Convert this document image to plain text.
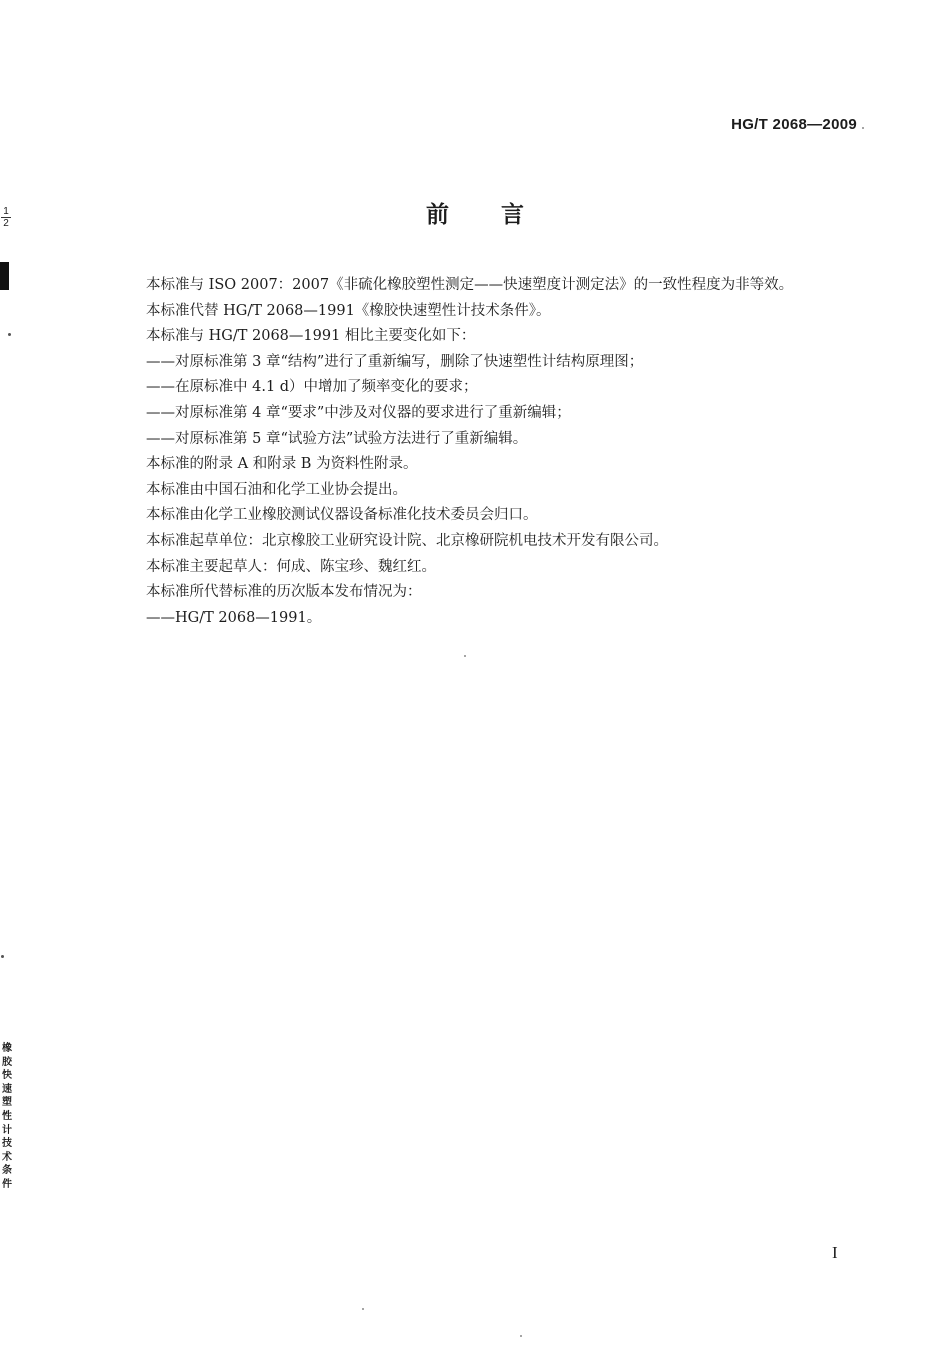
HG/T 2068—2009
前 言
本标准与 ISO 2007：2007《非硫化橡胶塑性测定——快速塑度计测定法》的一致性程度为非等效。
本标准代替 HG/T 2068—1991《橡胶快速塑性计技术条件》。
本标准与 HG/T 2068—1991 相比主要变化如下：
——对原标准第 3 章“结构”进行了重新编写，删除了快速塑性计结构原理图；
——在原标准中 4.1 d）中增加了频率变化的要求；
——对原标准第 4 章“要求”中涉及对仪器的要求进行了重新编辑；
——对原标准第 5 章“试验方法”试验方法进行了重新编辑。
本标准的附录 A 和附录 B 为资料性附录。
本标准由中国石油和化学工业协会提出。
本标准由化学工业橡胶测试仪器设备标准化技术委员会归口。
本标准起草单位：北京橡胶工业研究设计院、北京橡研院机电技术开发有限公司。
本标准主要起草人：何成、陈宝珍、魏红红。
本标准所代替标准的历次版本发布情况为：
——HG/T 2068—1991。
$\frac{1}{2}$
橡胶快速塑性计技术条件
I
